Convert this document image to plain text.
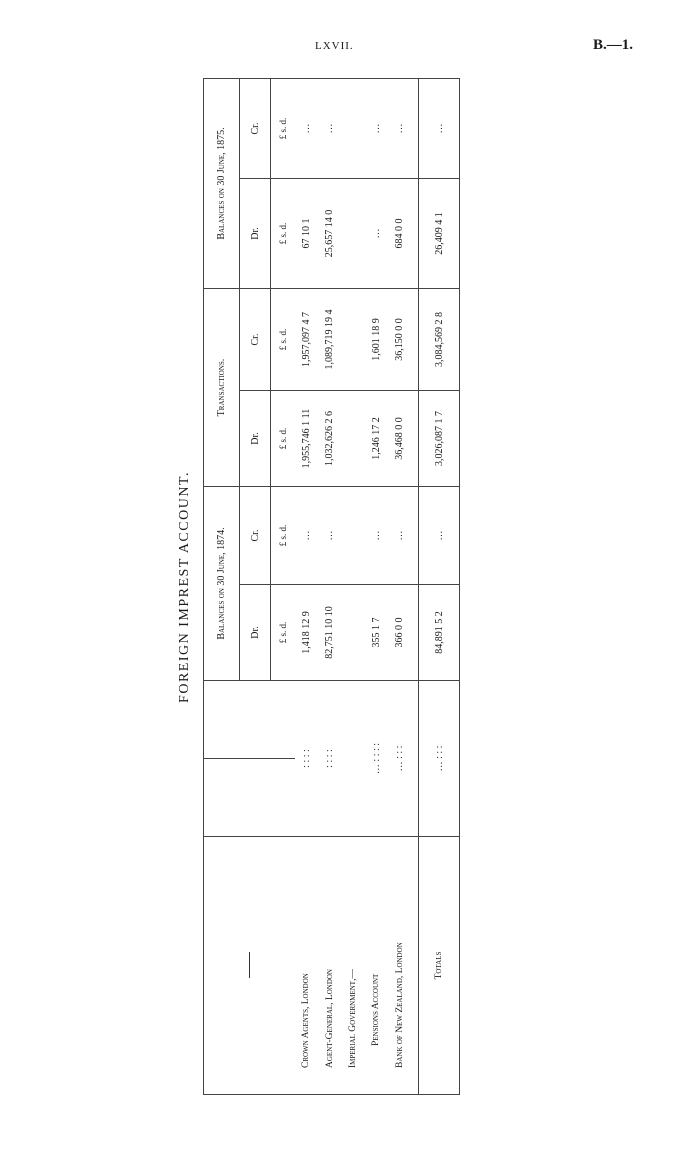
LXVII.	B.—1.
FOREIGN IMPREST ACCOUNT.
			Balances on 30 June, 1874.		Transactions.		Balances on 30 June, 1875.	
			Dr.	Cr.	Dr.	Cr.	Dr.	Cr.
			£ s. d.	£ s. d.	£ s. d.	£ s. d.	£ s. d.	£ s. d.
Crown Agents, London	: : : :		1,418 12 9	…	1,955,746 1 11	1,957,097 4 7	67 10 1	…
Agent-General, London	: : : :		82,751 10 10	…	1,032,626 2 6	1,089,719 19 4	25,657 14 0	…
Imperial Government,—								
Pensions Account	… : : : :		355 1 7	…	1,246 17 2	1,601 18 9	…	…
Bank of New Zealand, London	… : : :		366 0 0	…	36,468 0 0	36,150 0 0	684 0 0	…

Totals	… : : :		84,891 5 2	…	3,026,087 1 7	3,084,569 2 8	26,409 4 1	…
